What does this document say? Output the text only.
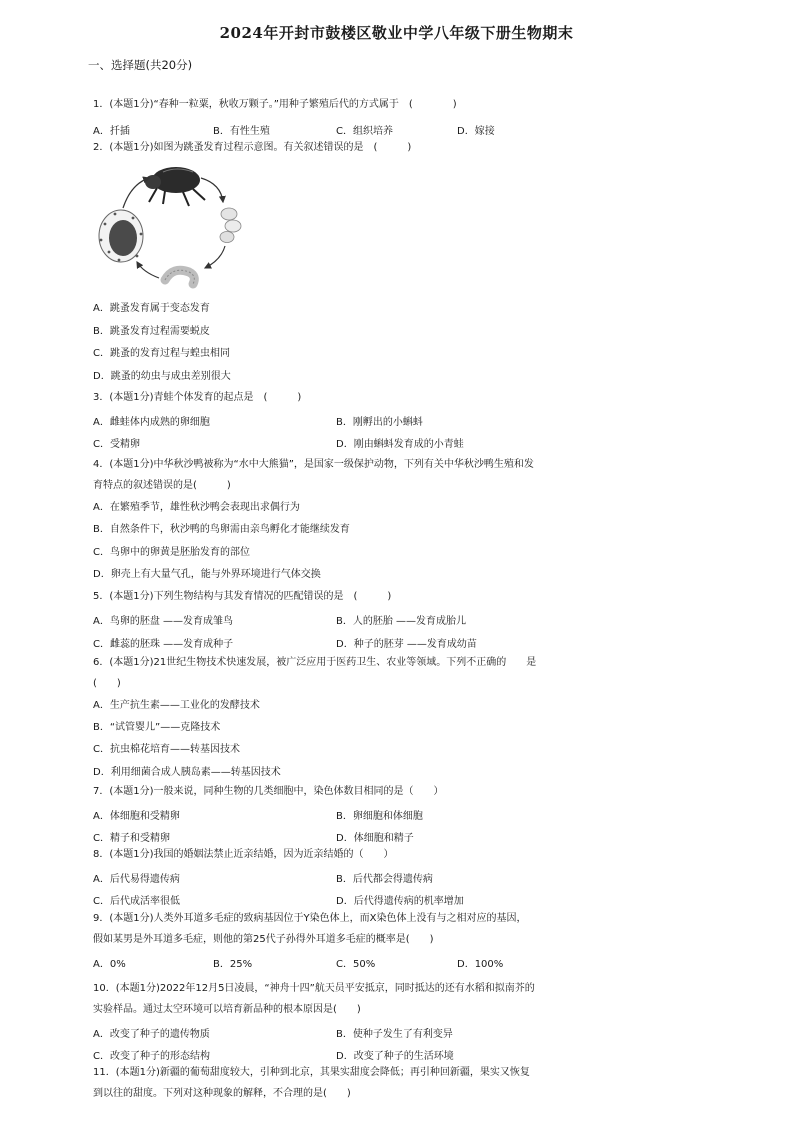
2024年开封市鼓楼区敬业中学八年级下册生物期末
一、选择题(共20分)
1．(本题1分)“春种一粒粟，秋收万颗子。”用种子繁殖后代的方式属于　(　　　　)
A．扦插	B．有性生殖	C．组织培养	D．嫁接
2．(本题1分)如图为跳蚤发育过程示意图。有关叙述错误的是　(　　　)
A．跳蚤发育属于变态发育
B．跳蚤发育过程需要蜕皮
C．跳蚤的发育过程与蝗虫相同
D．跳蚤的幼虫与成虫差别很大
3．(本题1分)青蛙个体发育的起点是　(　　　)
A．雌蛙体内成熟的卵细胞	B．刚孵出的小蝌蚪
C．受精卵	D．刚由蝌蚪发育成的小青蛙
4．(本题1分)中华秋沙鸭被称为“水中大熊猫”，是国家一级保护动物，下列有关中华秋沙鸭生殖和发
育特点的叙述错误的是(　　　)
A．在繁殖季节，雄性秋沙鸭会表现出求偶行为
B．自然条件下，秋沙鸭的鸟卵需由亲鸟孵化才能继续发育
C．鸟卵中的卵黄是胚胎发育的部位
D．卵壳上有大量气孔，能与外界环境进行气体交换
5．(本题1分)下列生物结构与其发育情况的匹配错误的是　(　　　)
A．鸟卵的胚盘 ——发育成雏鸟	B．人的胚胎 ——发育成胎儿
C．雌蕊的胚珠 ——发育成种子	D．种子的胚芽 ——发育成幼苗
6．(本题1分)21世纪生物技术快速发展，被广泛应用于医药卫生、农业等领域。下列不正确的　　是
(　　)
A．生产抗生素——工业化的发酵技术
B．“试管婴儿”——克隆技术
C．抗虫棉花培育——转基因技术
D．利用细菌合成人胰岛素——转基因技术
7．(本题1分)一般来说，同种生物的几类细胞中，染色体数目相同的是（　　）
A．体细胞和受精卵	B．卵细胞和体细胞
C．精子和受精卵	D．体细胞和精子
8．(本题1分)我国的婚姻法禁止近亲结婚，因为近亲结婚的（　　）
A．后代易得遗传病	B．后代都会得遗传病
C．后代成活率很低	D．后代得遗传病的机率增加
9．(本题1分)人类外耳道多毛症的致病基因位于Y染色体上，而X染色体上没有与之相对应的基因，
假如某男是外耳道多毛症，则他的第25代子孙得外耳道多毛症的概率是(　　)
A．0%	B．25%	C．50%	D．100%
10．(本题1分)2022年12月5日凌晨，“神舟十四”航天员平安抵京，同时抵达的还有水稻和拟南芥的
实验样品。通过太空环境可以培育新品种的根本原因是(　　)
A．改变了种子的遗传物质	B．使种子发生了有利变异
C．改变了种子的形态结构	D．改变了种子的生活环境
11．(本题1分)新疆的葡萄甜度较大，引种到北京，其果实甜度会降低；再引种回新疆，果实又恢复
到以往的甜度。下列对这种现象的解释，不合理的是(　　)
